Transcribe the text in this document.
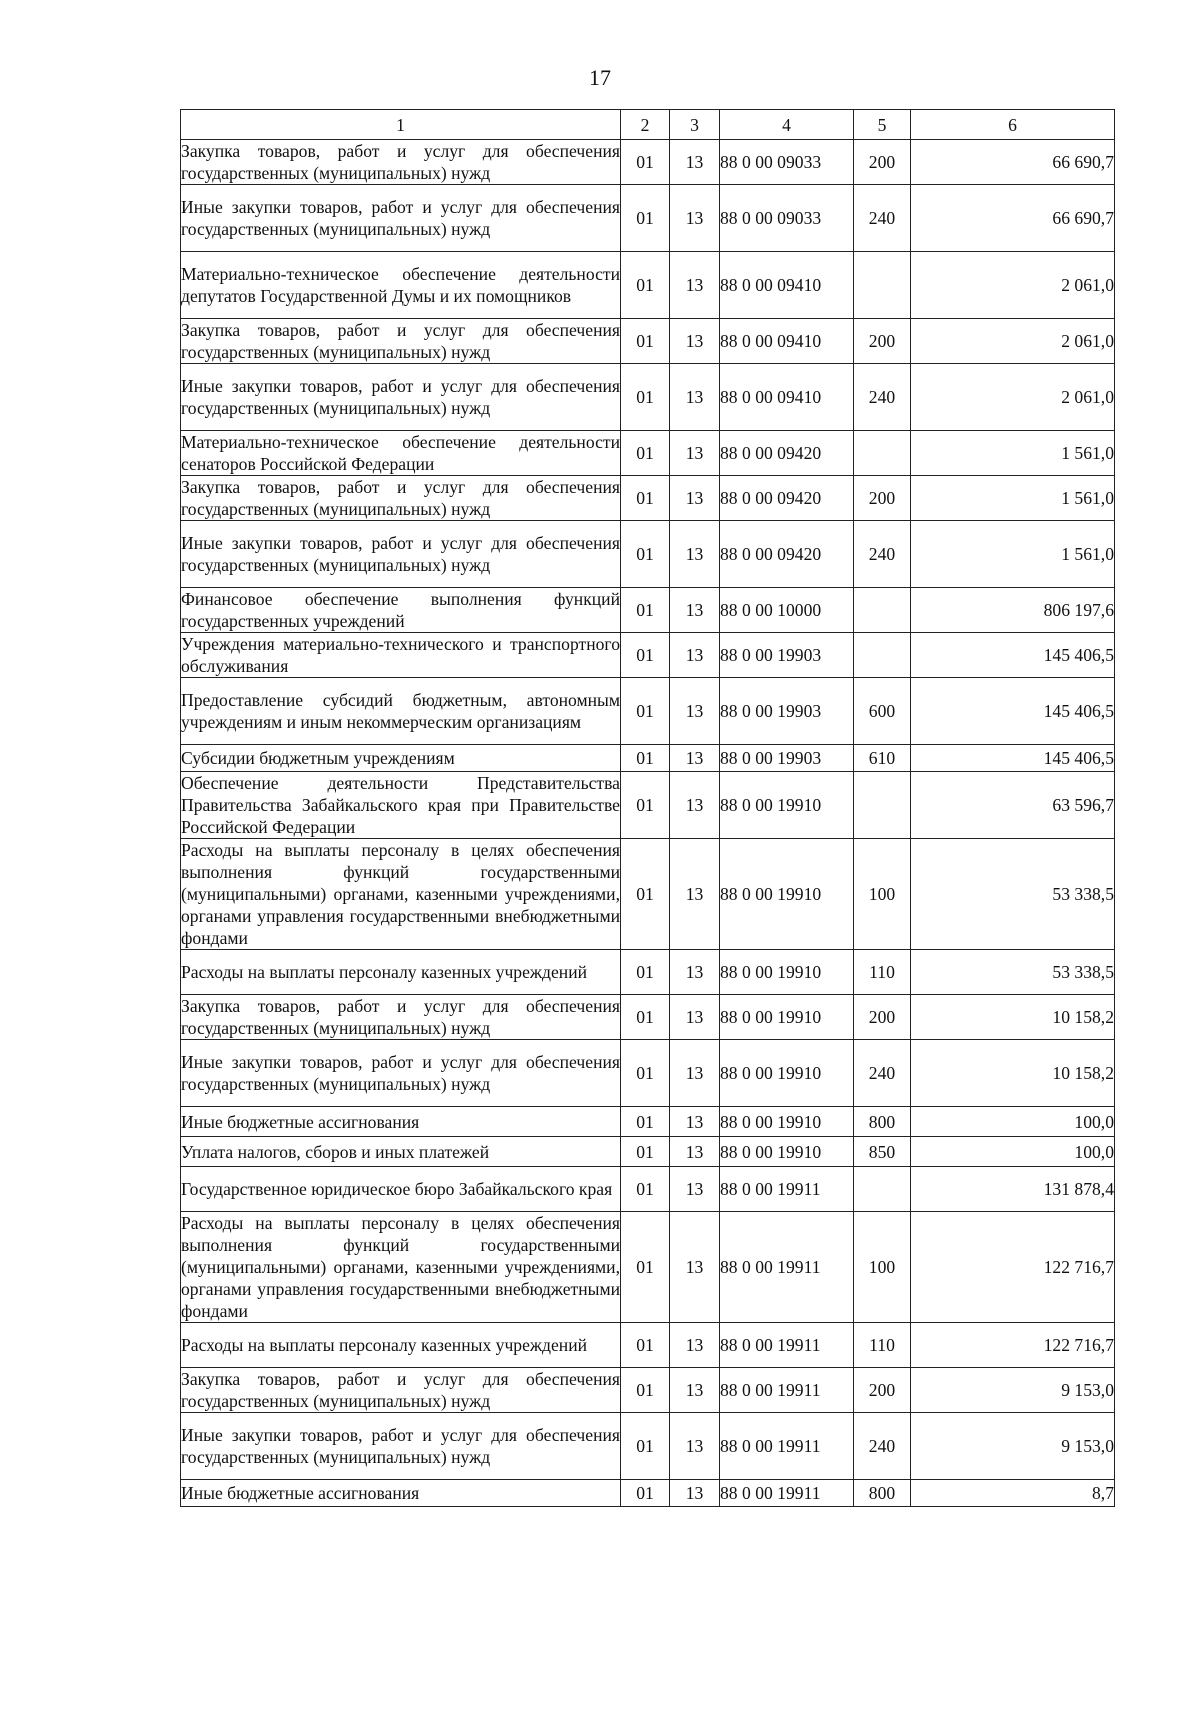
17
1	2	3	4	5	6
Закупка товаров, работ и услуг для обеспечения государственных (муниципальных) нужд	01	13	88 0 00 09033	200	66 690,7
Иные закупки товаров, работ и услуг для обеспечения государственных (муниципальных) нужд	01	13	88 0 00 09033	240	66 690,7
Материально-техническое обеспечение деятельности депутатов Государственной Думы и их помощников	01	13	88 0 00 09410		2 061,0
Закупка товаров, работ и услуг для обеспечения государственных (муниципальных) нужд	01	13	88 0 00 09410	200	2 061,0
Иные закупки товаров, работ и услуг для обеспечения государственных (муниципальных) нужд	01	13	88 0 00 09410	240	2 061,0
Материально-техническое обеспечение деятельности сенаторов Российской Федерации	01	13	88 0 00 09420		1 561,0
Закупка товаров, работ и услуг для обеспечения государственных (муниципальных) нужд	01	13	88 0 00 09420	200	1 561,0
Иные закупки товаров, работ и услуг для обеспечения государственных (муниципальных) нужд	01	13	88 0 00 09420	240	1 561,0
Финансовое обеспечение выполнения функций государственных учреждений	01	13	88 0 00 10000		806 197,6
Учреждения материально-технического и транспортного обслуживания	01	13	88 0 00 19903		145 406,5
Предоставление субсидий бюджетным, автономным учреждениям и иным некоммерческим организациям	01	13	88 0 00 19903	600	145 406,5
Субсидии бюджетным учреждениям	01	13	88 0 00 19903	610	145 406,5
Обеспечение деятельности Представительства Правительства Забайкальского края при Правительстве Российской Федерации	01	13	88 0 00 19910		63 596,7
Расходы на выплаты персоналу в целях обеспечения выполнения функций государственными (муниципальными) органами, казенными учреждениями, органами управления государственными внебюджетными фондами	01	13	88 0 00 19910	100	53 338,5
Расходы на выплаты персоналу казенных учреждений	01	13	88 0 00 19910	110	53 338,5
Закупка товаров, работ и услуг для обеспечения государственных (муниципальных) нужд	01	13	88 0 00 19910	200	10 158,2
Иные закупки товаров, работ и услуг для обеспечения государственных (муниципальных) нужд	01	13	88 0 00 19910	240	10 158,2
Иные бюджетные ассигнования	01	13	88 0 00 19910	800	100,0
Уплата налогов, сборов и иных платежей	01	13	88 0 00 19910	850	100,0
Государственное юридическое бюро Забайкальского края	01	13	88 0 00 19911		131 878,4
Расходы на выплаты персоналу в целях обеспечения выполнения функций государственными (муниципальными) органами, казенными учреждениями, органами управления государственными внебюджетными фондами	01	13	88 0 00 19911	100	122 716,7
Расходы на выплаты персоналу казенных учреждений	01	13	88 0 00 19911	110	122 716,7
Закупка товаров, работ и услуг для обеспечения государственных (муниципальных) нужд	01	13	88 0 00 19911	200	9 153,0
Иные закупки товаров, работ и услуг для обеспечения государственных (муниципальных) нужд	01	13	88 0 00 19911	240	9 153,0
Иные бюджетные ассигнования	01	13	88 0 00 19911	800	8,7
